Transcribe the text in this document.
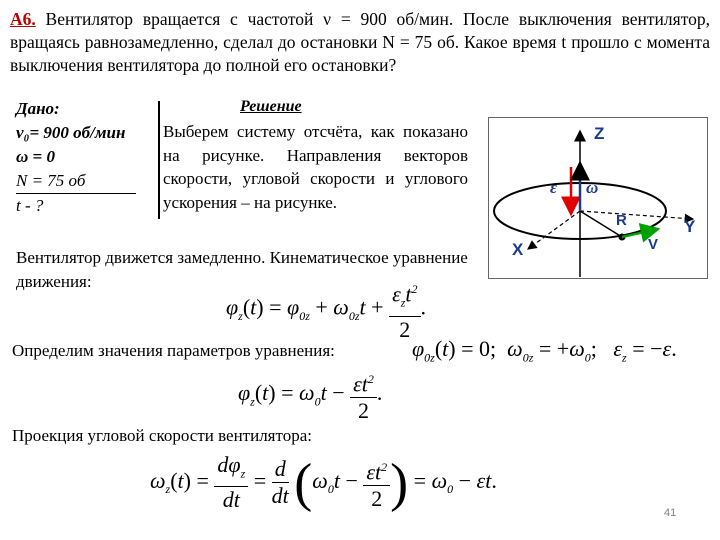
А6. Вентилятор вращается с частотой ν = 900 об/мин. После выключения вентилятор, вращаясь равнозамедленно, сделал до остановки N = 75 об. Какое время t прошло с момента выключения вентилятора до полной его остановки?
Дано:
ν₀= 900 об/мин
ω = 0
N = 75 об
t - ?
Решение
Выберем систему отсчёта, как показано на рисунке. Направления векторов скорости, угловой скорости и углового ускорения – на рисунке.
Вентилятор движется замедленно. Кинематическое уравнение движения:
Z
Y
X
ε ω
R
V
$\varphi_z(t) = \varphi_{0z} + \omega_{0z}t + \frac{\varepsilon_zt^2}{2}$ .
Определим значения параметров уравнения:	$\varphi_{0z}(t) = 0$;  $\omega_{0z} = +\omega_0$;   $\varepsilon_z = -\varepsilon$.
$\varphi_z(t) = \omega_0t - \frac{\varepsilon t^2}{2}$ .
Проекция угловой скорости вентилятора:
$\omega_z(t) = \frac{d\varphi_z}{dt} = \frac{d}{dt} (\omega_0t - \frac{\varepsilon t^2}{2}$ ) = $\omega_0 - \varepsilon t$.
41
